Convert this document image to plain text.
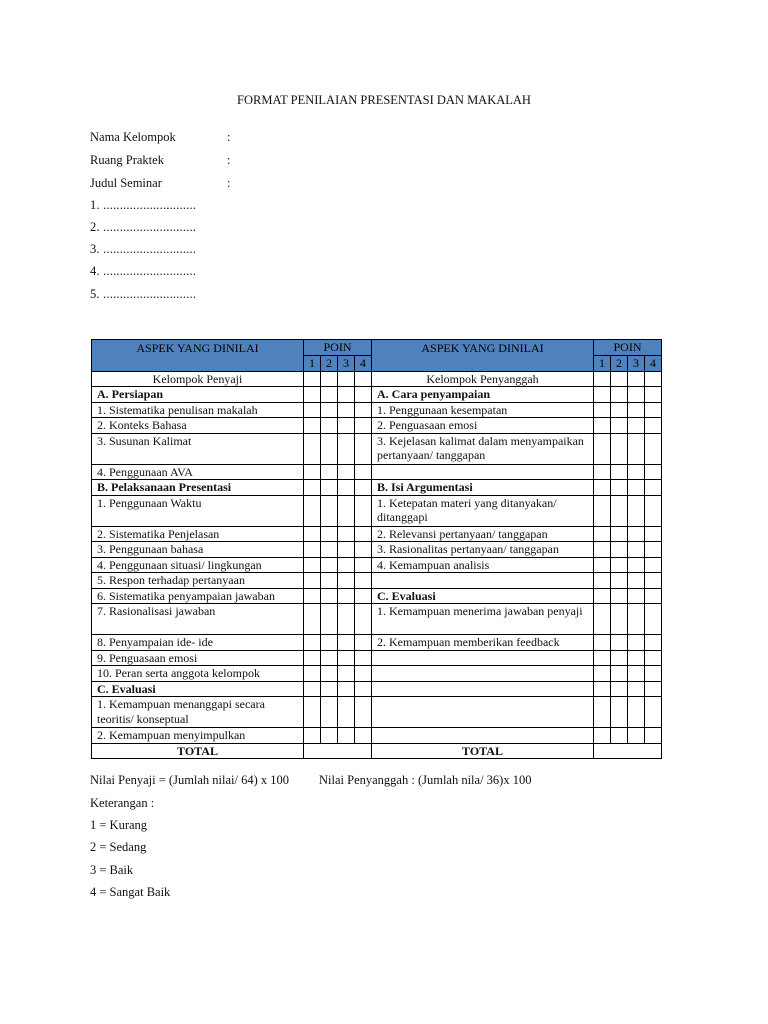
FORMAT PENILAIAN PRESENTASI DAN MAKALAH
Nama Kelompok	:
Ruang Praktek	:
Judul Seminar	:
1. ............................
2. ............................
3. ............................
4. ............................
5. ............................
ASPEK YANG DINILAI	POIN				ASPEK YANG DINILAI	POIN			
	1	2	3	4		1	2	3	4
Kelompok Penyaji					Kelompok Penyanggah				
A. Persiapan					A. Cara penyampaian				
1. Sistematika penulisan makalah					1. Penggunaan kesempatan				
2. Konteks Bahasa					2. Penguasaan emosi				
3. Susunan Kalimat					3. Kejelasan kalimat dalam menyampaikan pertanyaan/ tanggapan				
4. Penggunaan AVA									
B. Pelaksanaan Presentasi					B. Isi Argumentasi				
1. Penggunaan Waktu					1. Ketepatan materi yang ditanyakan/ ditanggapi				
2. Sistematika Penjelasan					2. Relevansi pertanyaan/ tanggapan				
3. Penggunaan bahasa					3. Rasionalitas pertanyaan/ tanggapan				
4. Penggunaan situasi/ lingkungan					4. Kemampuan analisis				
5. Respon terhadap pertanyaan									
6. Sistematika penyampaian jawaban					C. Evaluasi				
7. Rasionalisasi jawaban					1. Kemampuan menerima jawaban penyaji				
8. Penyampaian ide- ide					2. Kemampuan memberikan feedback				
9. Penguasaan emosi									
10. Peran serta anggota kelompok									
C. Evaluasi									
1. Kemampuan menanggapi secara teoritis/ konseptual									
2. Kemampuan menyimpulkan									
TOTAL					TOTAL				
Nilai Penyaji = (Jumlah nilai/ 64) x 100 Nilai Penyanggah : (Jumlah nila/ 36)x 100
Keterangan :
1 = Kurang
2 = Sedang
3 = Baik
4 = Sangat Baik
